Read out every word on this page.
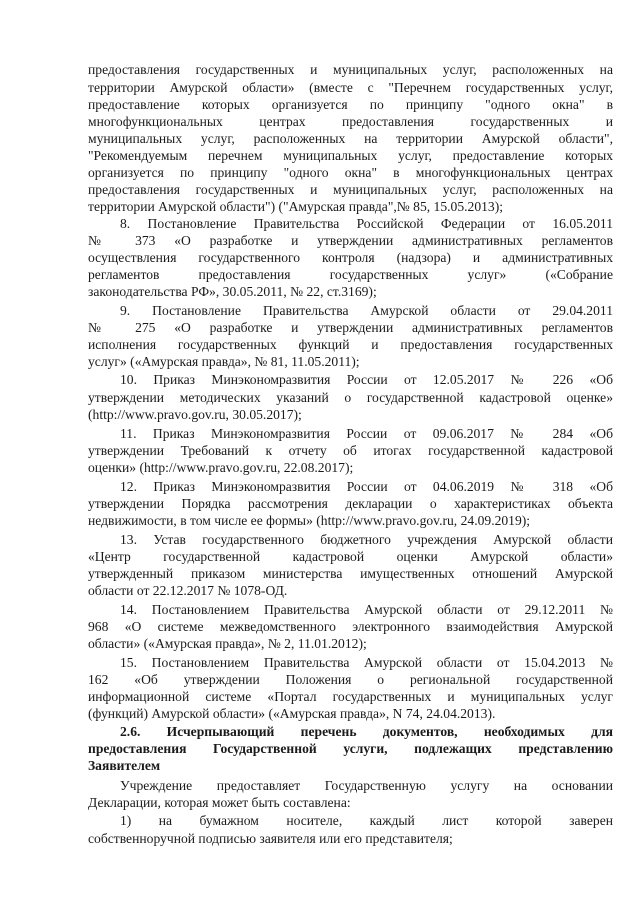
предоставления государственных и муниципальных услуг, расположенных на
территории Амурской области» (вместе с "Перечнем государственных услуг,
предоставление которых организуется по принципу "одного окна" в
многофункциональных центрах предоставления государственных и
муниципальных услуг, расположенных на территории Амурской области",
"Рекомендуемым перечнем муниципальных услуг, предоставление которых
организуется по принципу "одного окна" в многофункциональных центрах
предоставления государственных и муниципальных услуг, расположенных на
территории Амурской области") ("Амурская правда",№ 85, 15.05.2013);
8. Постановление Правительства Российской Федерации от 16.05.2011
№ 373 «О разработке и утверждении административных регламентов
осуществления государственного контроля (надзора) и административных
регламентов предоставления государственных услуг» («Собрание
законодательства РФ», 30.05.2011, № 22, ст.3169);
9. Постановление Правительства Амурской области от 29.04.2011
№ 275 «О разработке и утверждении административных регламентов
исполнения государственных функций и предоставления государственных
услуг» («Амурская правда», № 81, 11.05.2011);
10. Приказ Минэкономразвития России от 12.05.2017 № 226 «Об
утверждении методических указаний о государственной кадастровой оценке»
(http://www.pravo.gov.ru, 30.05.2017);
11. Приказ Минэкономразвития России от 09.06.2017 № 284 «Об
утверждении Требований к отчету об итогах государственной кадастровой
оценки» (http://www.pravo.gov.ru, 22.08.2017);
12. Приказ Минэкономразвития России от 04.06.2019 № 318 «Об
утверждении Порядка рассмотрения декларации о характеристиках объекта
недвижимости, в том числе ее формы» (http://www.pravo.gov.ru, 24.09.2019);
13. Устав государственного бюджетного учреждения Амурской области
«Центр государственной кадастровой оценки Амурской области»
утвержденный приказом министерства имущественных отношений Амурской
области от 22.12.2017 № 1078-ОД.
14. Постановлением Правительства Амурской области от 29.12.2011 №
968 «О системе межведомственного электронного взаимодействия Амурской
области» («Амурская правда», № 2, 11.01.2012);
15. Постановлением Правительства Амурской области от 15.04.2013 №
162 «Об утверждении Положения о региональной государственной
информационной системе «Портал государственных и муниципальных услуг
(функций) Амурской области» («Амурская правда», N 74, 24.04.2013).
2.6. Исчерпывающий перечень документов, необходимых для
предоставления Государственной услуги, подлежащих представлению
Заявителем
Учреждение предоставляет Государственную услугу на основании
Декларации, которая может быть составлена:
1) на бумажном носителе, каждый лист которой заверен
собственноручной подписью заявителя или его представителя;
